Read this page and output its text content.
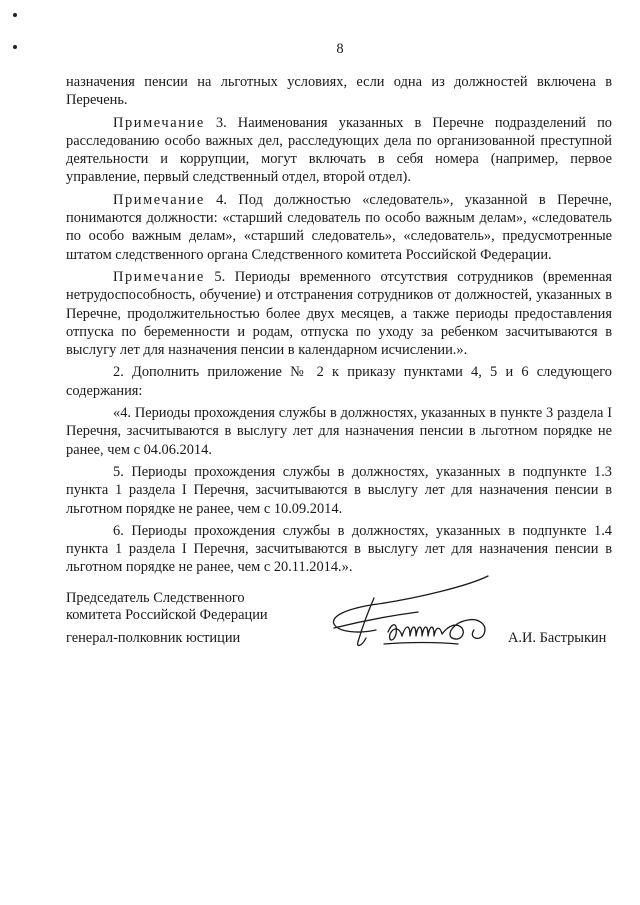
8

назначения пенсии на льготных условиях, если одна из должностей включена в Перечень.

Примечание 3. Наименования указанных в Перечне подразделений по расследованию особо важных дел, расследующих дела по организованной преступной деятельности и коррупции, могут включать в себя номера (например, первое управление, первый следственный отдел, второй отдел).

Примечание 4. Под должностью «следователь», указанной в Перечне, понимаются должности: «старший следователь по особо важным делам», «следователь по особо важным делам», «старший следователь», «следователь», предусмотренные штатом следственного органа Следственного комитета Российской Федерации.

Примечание 5. Периоды временного отсутствия сотрудников (временная нетрудоспособность, обучение) и отстранения сотрудников от должностей, указанных в Перечне, продолжительностью более двух месяцев, а также периоды предоставления отпуска по беременности и родам, отпуска по уходу за ребенком засчитываются в выслугу лет для назначения пенсии в календарном исчислении.».

2. Дополнить приложение № 2 к приказу пунктами 4, 5 и 6 следующего содержания:

«4. Периоды прохождения службы в должностях, указанных в пункте 3 раздела I Перечня, засчитываются в выслугу лет для назначения пенсии в льготном порядке не ранее, чем с 04.06.2014.

5. Периоды прохождения службы в должностях, указанных в подпункте 1.3 пункта 1 раздела I Перечня, засчитываются в выслугу лет для назначения пенсии в льготном порядке не ранее, чем с 10.09.2014.

6. Периоды прохождения службы в должностях, указанных в подпункте 1.4 пункта 1 раздела I Перечня, засчитываются в выслугу лет для назначения пенсии в льготном порядке не ранее, чем с 20.11.2014.».

Председатель Следственного
комитета Российской Федерации
генерал-полковник юстиции	А.И. Бастрыкин
